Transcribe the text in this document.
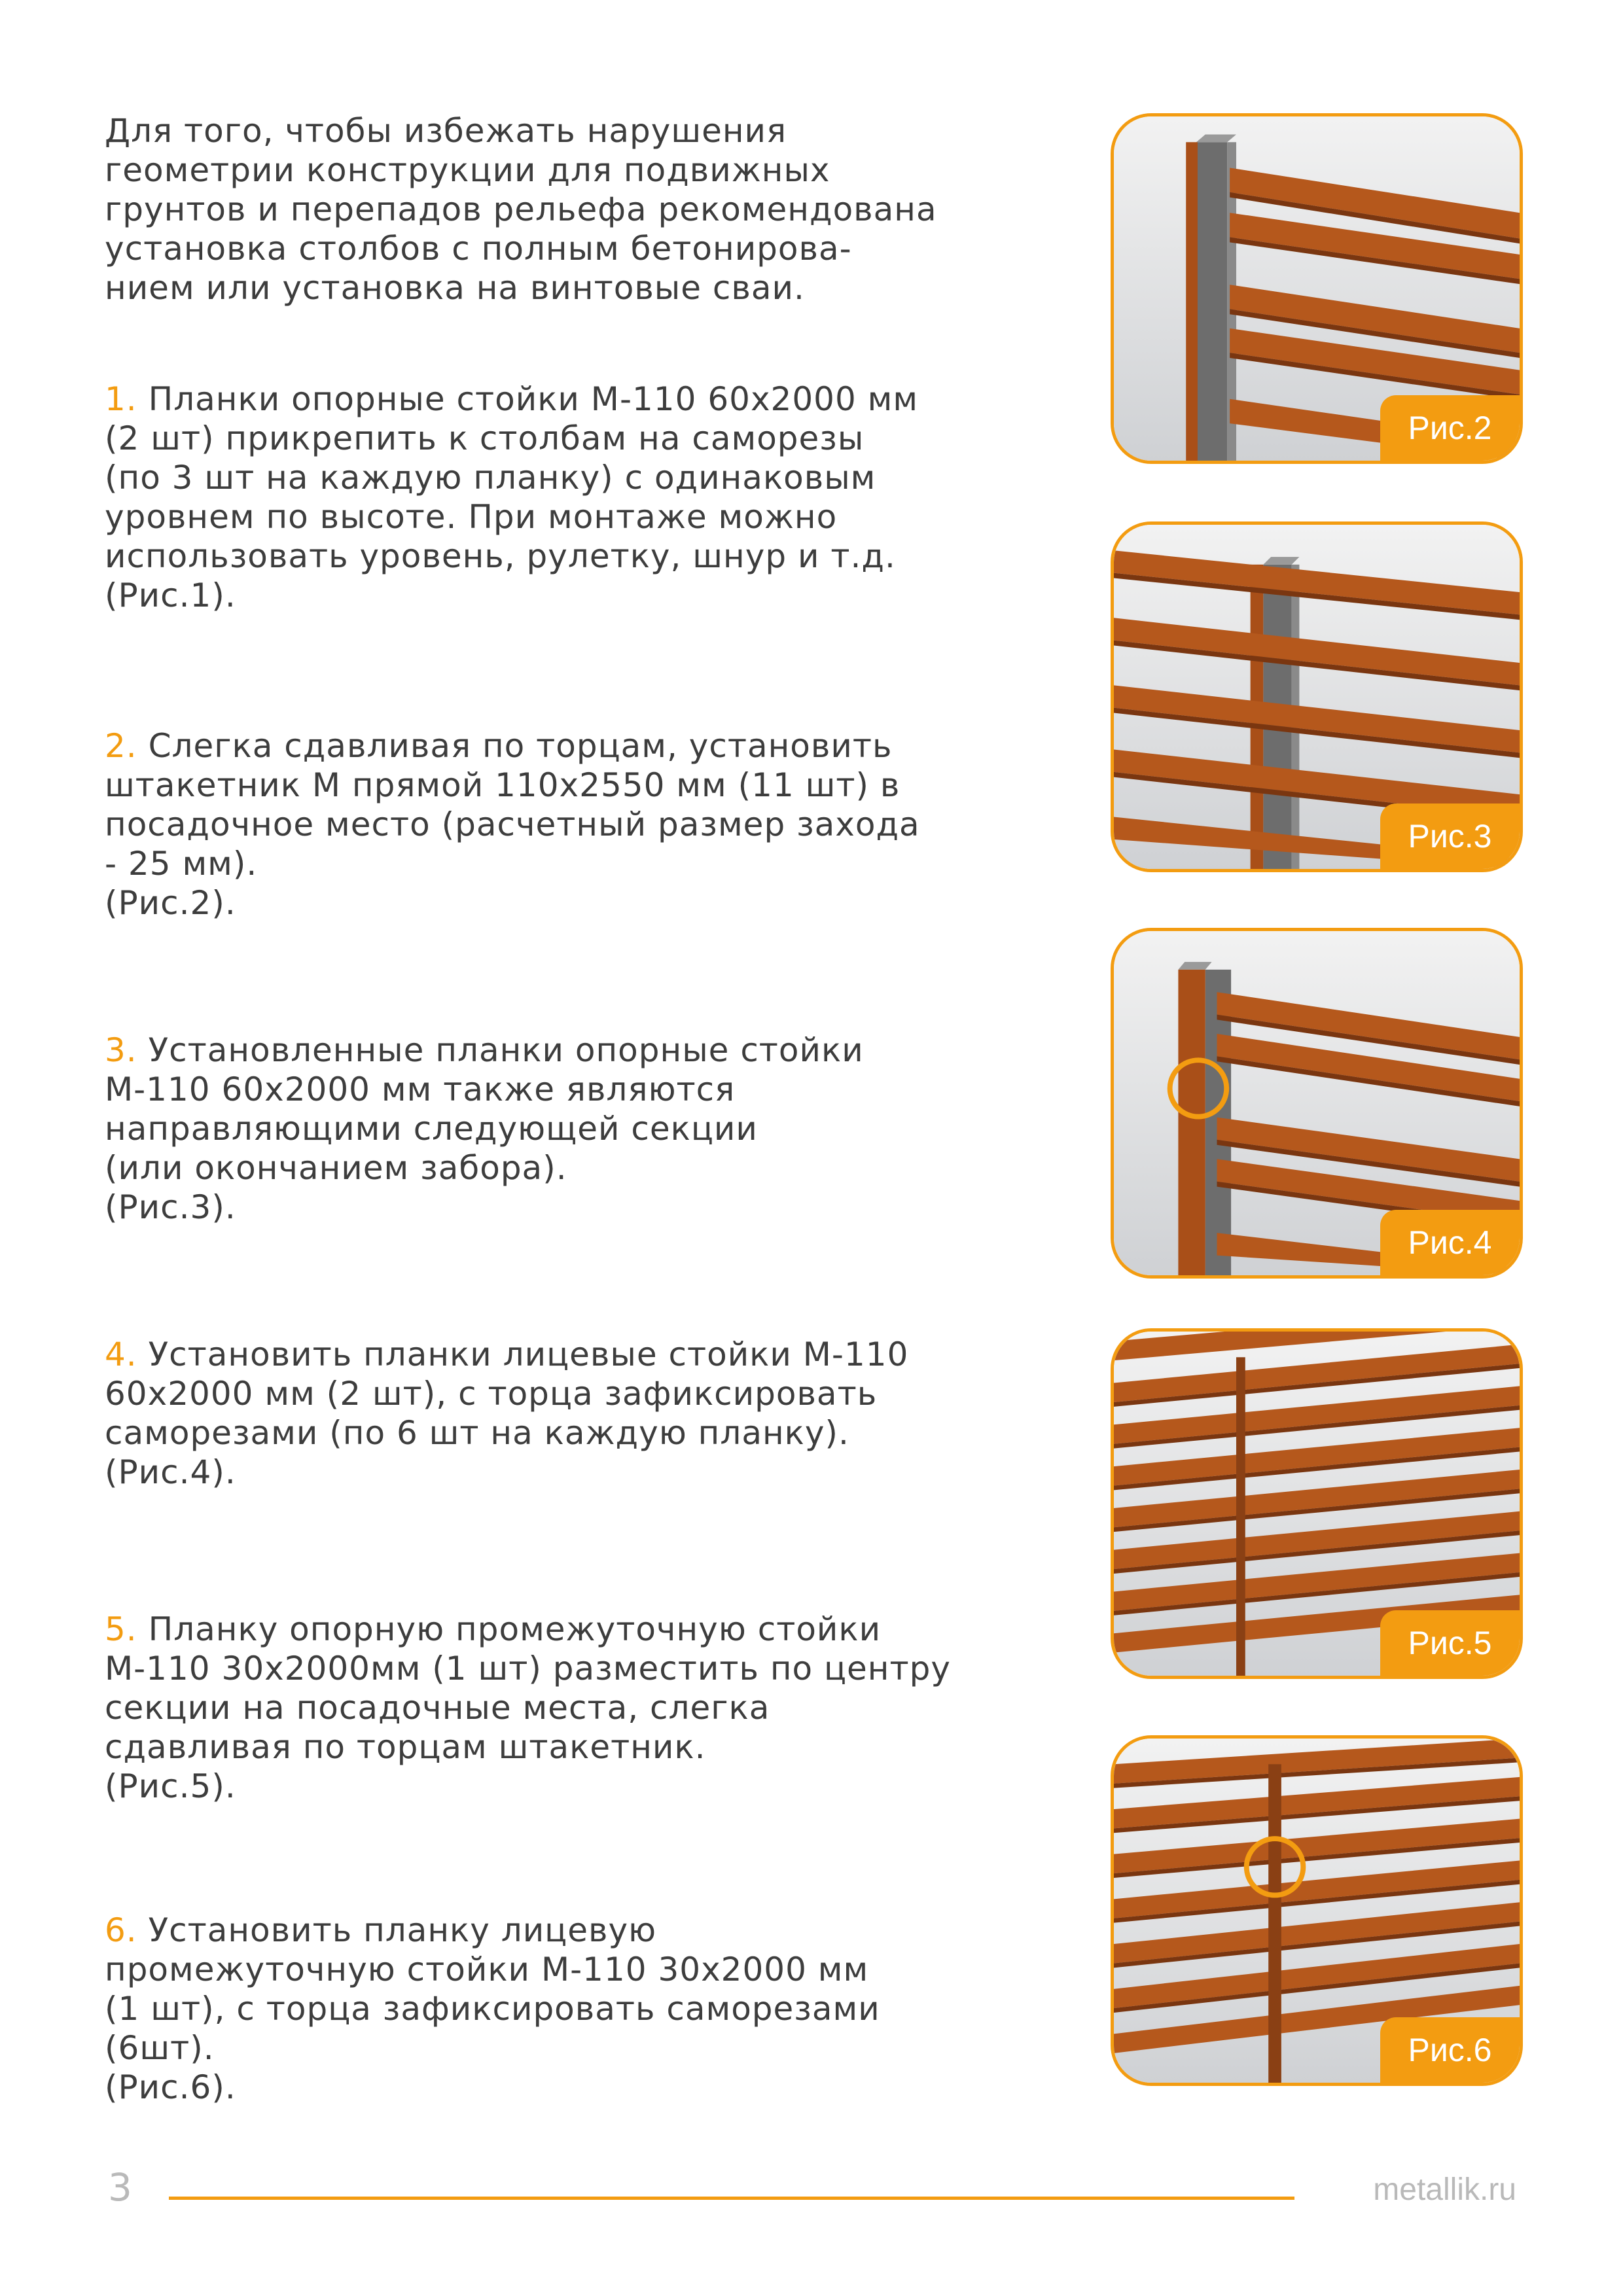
Для того, чтобы избежать нарушения
геометрии конструкции для подвижных
грунтов и перепадов рельефа рекомендована
установка столбов с полным бетонирова-
нием или установка на винтовые сваи.
1. Планки опорные стойки М-110 60х2000 мм
(2 шт) прикрепить к столбам на саморезы
(по 3 шт на каждую планку) с одинаковым
уровнем по высоте. При монтаже можно
использовать уровень, рулетку, шнур и т.д.
(Рис.1).
2. Слегка сдавливая по торцам, установить
штакетник М прямой 110х2550 мм (11 шт) в
посадочное место (расчетный размер захода
- 25 мм).
(Рис.2).
3. Установленные планки опорные стойки
М-110 60х2000 мм также являются
направляющими следующей секции
(или окончанием забора).
(Рис.3).
4. Установить планки лицевые стойки М-110
60х2000 мм (2 шт), с торца зафиксировать
саморезами (по 6 шт на каждую планку).
(Рис.4).
5. Планку опорную промежуточную стойки
М-110 30х2000мм (1 шт) разместить по центру
секции на посадочные места, слегка
сдавливая по торцам штакетник.
(Рис.5).
6. Установить планку лицевую
промежуточную стойки М-110 30х2000 мм
(1 шт), с торца зафиксировать саморезами
(6шт).
(Рис.6).
Рис.2
Рис.3
Рис.4
Рис.5
Рис.6
3	metallik.ru
